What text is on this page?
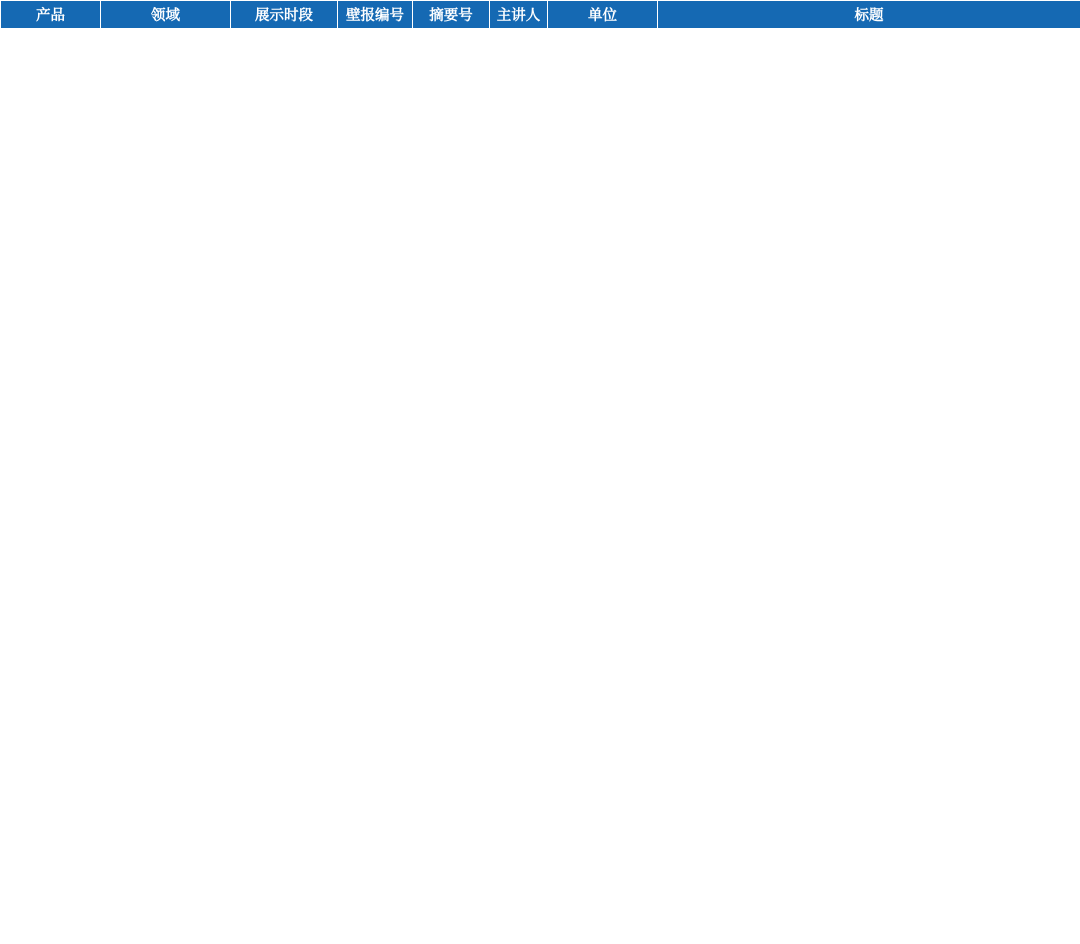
产品	领域	展示时段	壁报编号	摘要号	主讲人	单位	标题
